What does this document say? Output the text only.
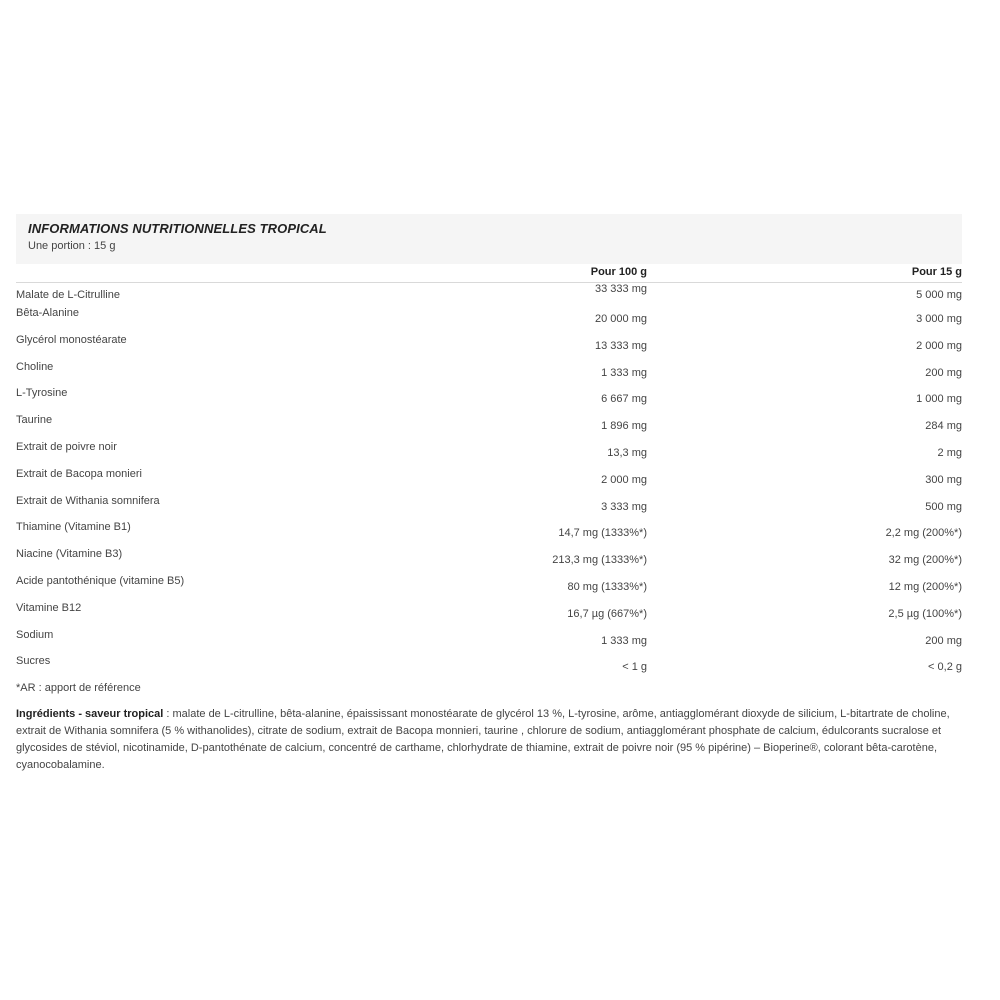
INFORMATIONS NUTRITIONNELLES TROPICAL
Une portion : 15 g
Pour 100 g	Pour 15 g
Malate de L-Citrulline	33 333 mg	5 000 mg
Bêta-Alanine	20 000 mg	3 000 mg
Glycérol monostéarate	13 333 mg	2 000 mg
Choline	1 333 mg	200 mg
L-Tyrosine	6 667 mg	1 000 mg
Taurine	1 896 mg	284 mg
Extrait de poivre noir	13,3 mg	2 mg
Extrait de Bacopa monieri	2 000 mg	300 mg
Extrait de Withania somnifera	3 333 mg	500 mg
Thiamine (Vitamine B1)	14,7 mg (1333%*)	2,2 mg (200%*)
Niacine (Vitamine B3)	213,3 mg (1333%*)	32 mg (200%*)
Acide pantothénique (vitamine B5)	80 mg (1333%*)	12 mg (200%*)
Vitamine B12	16,7 µg (667%*)	2,5 µg (100%*)
Sodium	1 333 mg	200 mg
Sucres	< 1 g	< 0,2 g
*AR : apport de référence
Ingrédients - saveur tropical : malate de L-citrulline, bêta-alanine, épaississant monostéarate de glycérol 13 %, L-tyrosine, arôme, antiagglomérant dioxyde de silicium, L-bitartrate de choline, extrait de Withania somnifera (5 % withanolides), citrate de sodium, extrait de Bacopa monnieri, taurine , chlorure de sodium, antiagglomérant phosphate de calcium, édulcorants sucralose et glycosides de stéviol, nicotinamide, D-pantothénate de calcium, concentré de carthame, chlorhydrate de thiamine, extrait de poivre noir (95 % pipérine) – Bioperine®, colorant bêta-carotène, cyanocobalamine.
